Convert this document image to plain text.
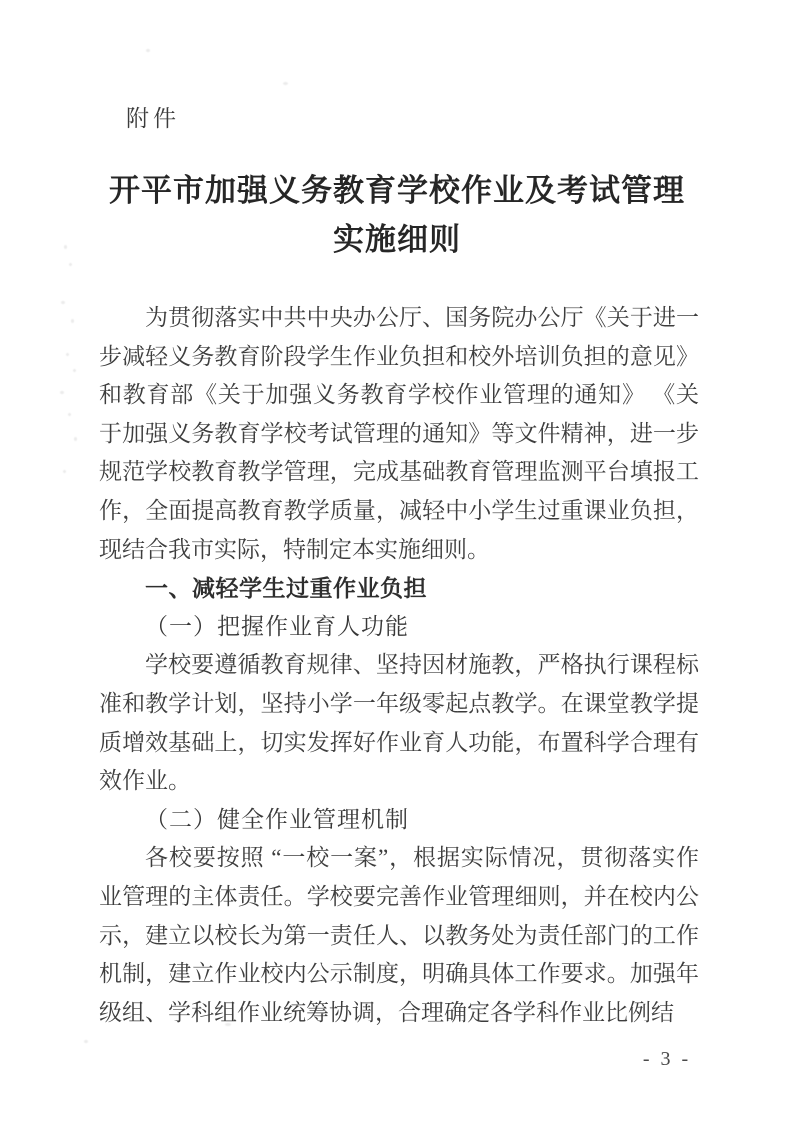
附件
开平市加强义务教育学校作业及考试管理
实施细则

为贯彻落实中共中央办公厅、国务院办公厅《关于进一步减轻义务教育阶段学生作业负担和校外培训负担的意见》和教育部《关于加强义务教育学校作业管理的通知》 《关于加强义务教育学校考试管理的通知》等文件精神，进一步规范学校教育教学管理，完成基础教育管理监测平台填报工作，全面提高教育教学质量，减轻中小学生过重课业负担，现结合我市实际，特制定本实施细则。

一、减轻学生过重作业负担
（一）把握作业育人功能

学校要遵循教育规律、坚持因材施教，严格执行课程标准和教学计划，坚持小学一年级零起点教学。在课堂教学提质增效基础上，切实发挥好作业育人功能，布置科学合理有效作业。

（二）健全作业管理机制

各校要按照 “一校一案”，根据实际情况，贯彻落实作业管理的主体责任。学校要完善作业管理细则，并在校内公示，建立以校长为第一责任人、以教务处为责任部门的工作机制，建立作业校内公示制度，明确具体工作要求。加强年级组、学科组作业统筹协调，合理确定各学科作业比例结

- 3 -
